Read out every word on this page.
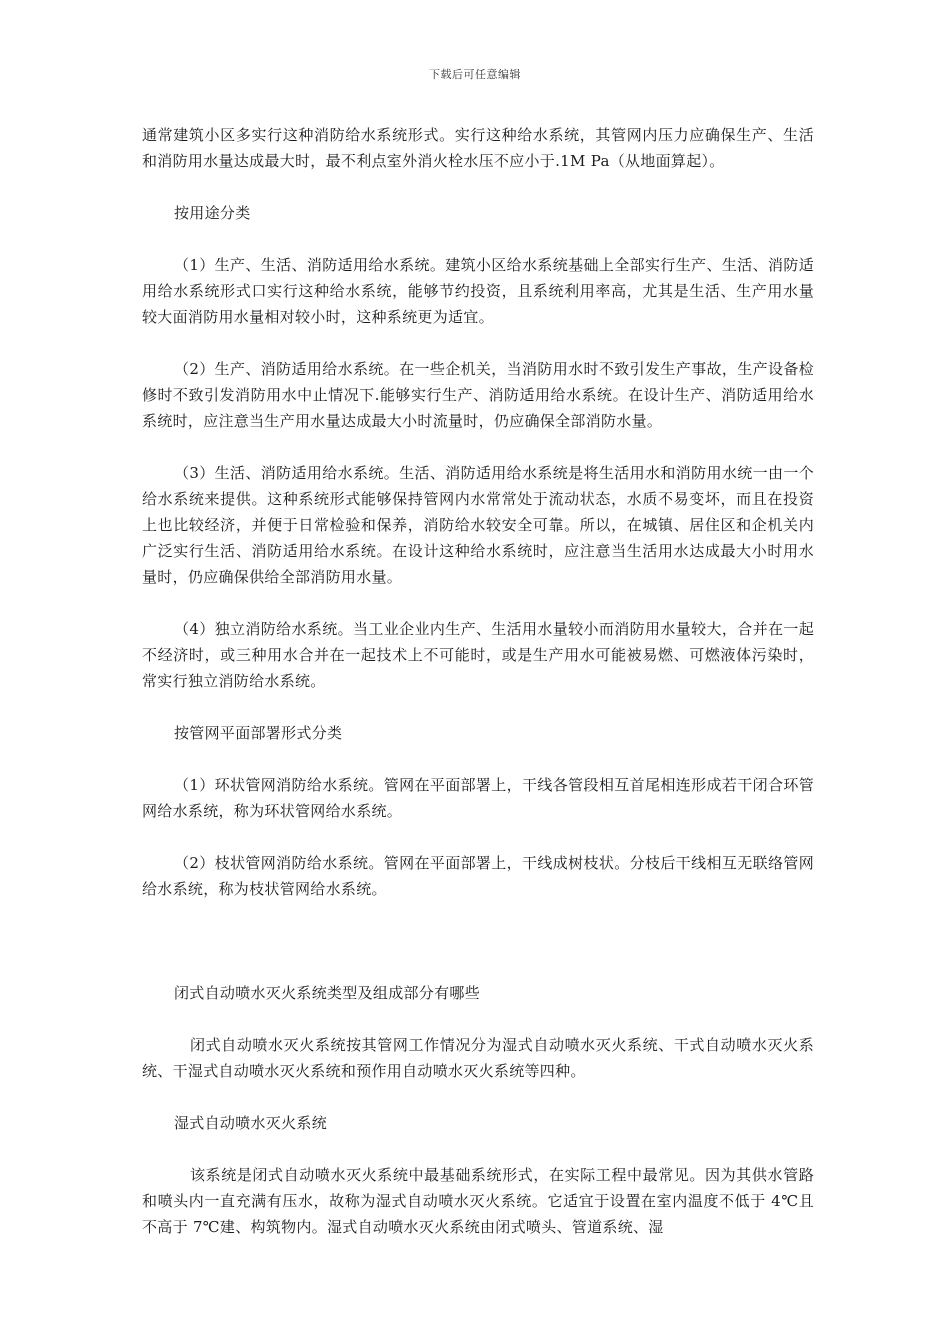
下载后可任意编辑

通常建筑小区多实行这种消防给水系统形式。实行这种给水系统，其管网内压力应确保生产、生活和消防用水量达成最大时，最不利点室外消火栓水压不应小于.1M Pa（从地面算起）。

按用途分类

（1）生产、生活、消防适用给水系统。建筑小区给水系统基础上全部实行生产、生活、消防适用给水系统形式口实行这种给水系统，能够节约投资，且系统利用率高，尤其是生活、生产用水量较大面消防用水量相对较小时，这种系统更为适宜。

（2）生产、消防适用给水系统。在一些企机关，当消防用水时不致引发生产事故，生产设备检修时不致引发消防用水中止情况下.能够实行生产、消防适用给水系统。在设计生产、消防适用给水系统时，应注意当生产用水量达成最大小时流量时，仍应确保全部消防水量。

（3）生活、消防适用给水系统。生活、消防适用给水系统是将生活用水和消防用水统一由一个给水系统来提供。这种系统形式能够保持管网内水常常处于流动状态，水质不易变坏，而且在投资上也比较经济，并便于日常检验和保养，消防给水较安全可靠。所以，在城镇、居住区和企机关内广泛实行生活、消防适用给水系统。在设计这种给水系统时，应注意当生活用水达成最大小时用水量时，仍应确保供给全部消防用水量。

（4）独立消防给水系统。当工业企业内生产、生活用水量较小而消防用水量较大，合并在一起不经济时，或三种用水合并在一起技术上不可能时，或是生产用水可能被易燃、可燃液体污染时，常实行独立消防给水系统。

按管网平面部署形式分类

（1）环状管网消防给水系统。管网在平面部署上，干线各管段相互首尾相连形成若干闭合环管网给水系统，称为环状管网给水系统。

（2）枝状管网消防给水系统。管网在平面部署上，干线成树枝状。分枝后干线相互无联络管网给水系统，称为枝状管网给水系统。

闭式自动喷水灭火系统类型及组成部分有哪些

闭式自动喷水灭火系统按其管网工作情况分为湿式自动喷水灭火系统、干式自动喷水灭火系统、干湿式自动喷水灭火系统和预作用自动喷水灭火系统等四种。

湿式自动喷水灭火系统

该系统是闭式自动喷水灭火系统中最基础系统形式，在实际工程中最常见。因为其供水管路和喷头内一直充满有压水，故称为湿式自动喷水灭火系统。它适宜于设置在室内温度不低于 4℃且不高于 7℃建、构筑物内。湿式自动喷水灭火系统由闭式喷头、管道系统、湿
